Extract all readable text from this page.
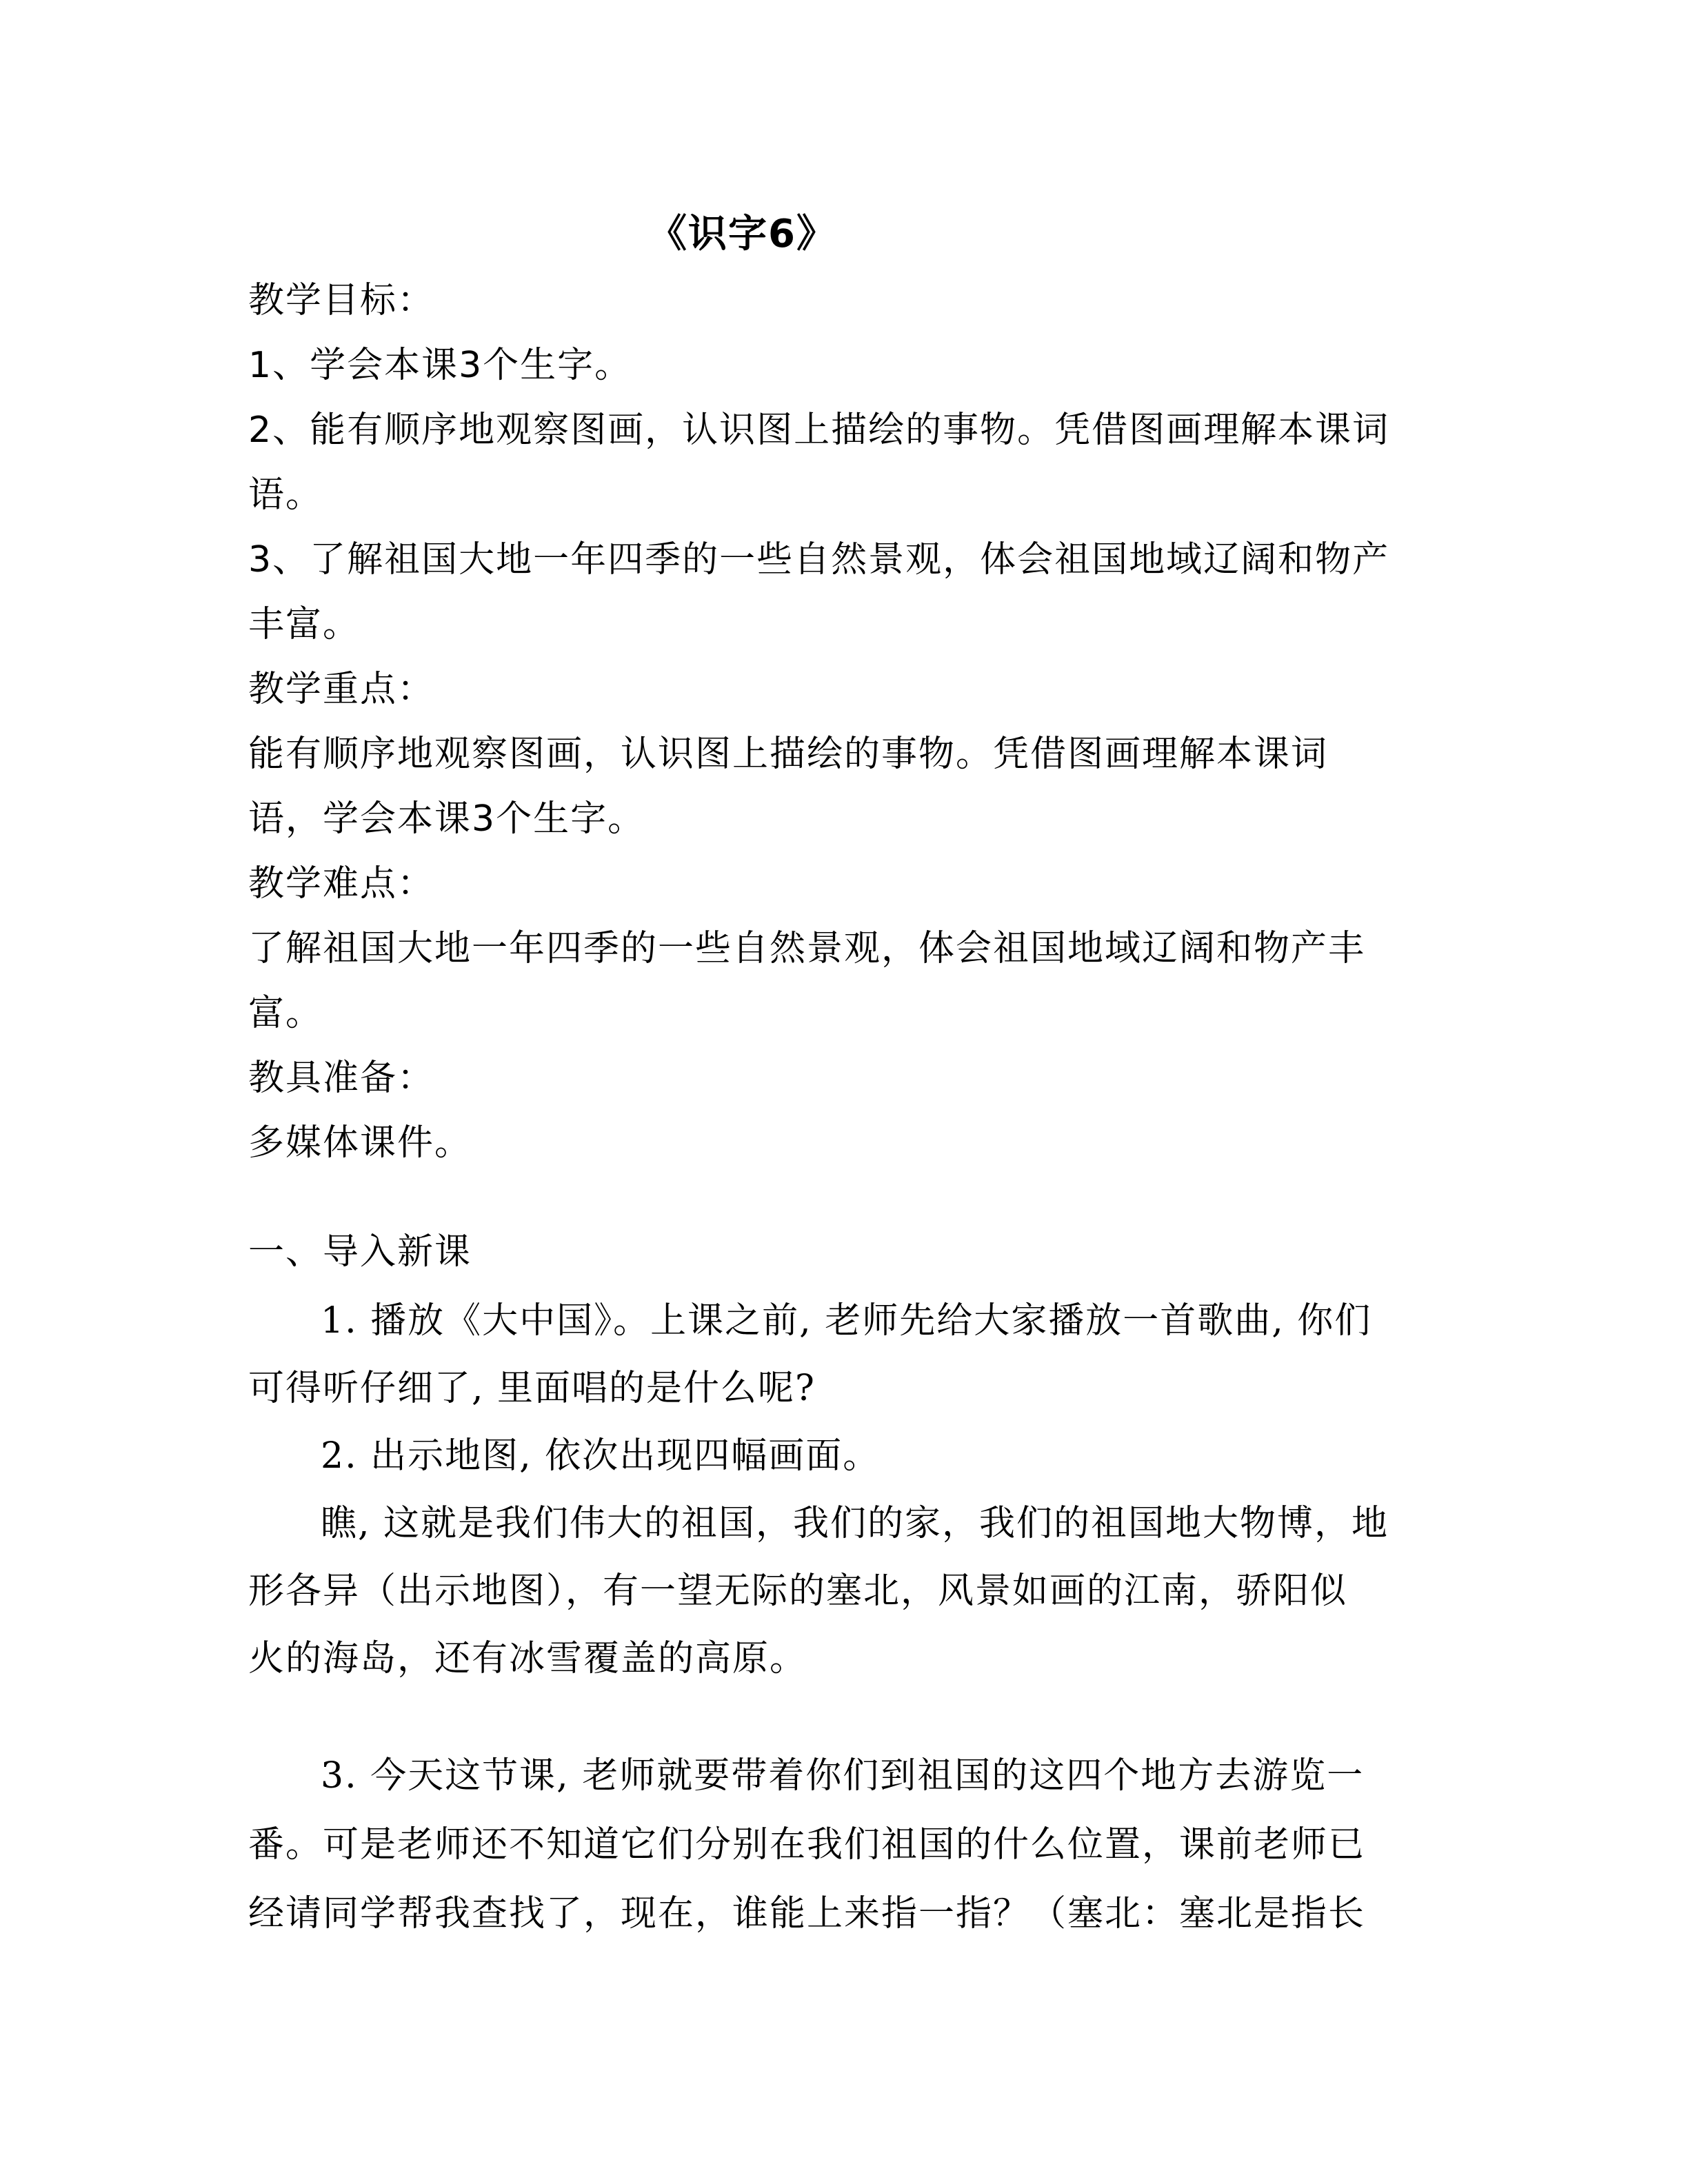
《识字6》
教学目标：
1、学会本课3个生字。
2、能有顺序地观察图画，认识图上描绘的事物。凭借图画理解本课词
语。
3、了解祖国大地一年四季的一些自然景观，体会祖国地域辽阔和物产
丰富。
教学重点：
能有顺序地观察图画，认识图上描绘的事物。凭借图画理解本课词
语，学会本课3个生字。
教学难点：
了解祖国大地一年四季的一些自然景观，体会祖国地域辽阔和物产丰
富。
教具准备：
多媒体课件。
一、导入新课
1. 播放《大中国》。上课之前, 老师先给大家播放一首歌曲, 你们
可得听仔细了, 里面唱的是什么呢?
2. 出示地图, 依次出现四幅画面。
瞧, 这就是我们伟大的祖国，我们的家，我们的祖国地大物博，地
形各异（出示地图），有一望无际的塞北，风景如画的江南，骄阳似
火的海岛，还有冰雪覆盖的高原。
3. 今天这节课, 老师就要带着你们到祖国的这四个地方去游览一
番。可是老师还不知道它们分别在我们祖国的什么位置，课前老师已
经请同学帮我查找了，现在，谁能上来指一指？（塞北：塞北是指长
